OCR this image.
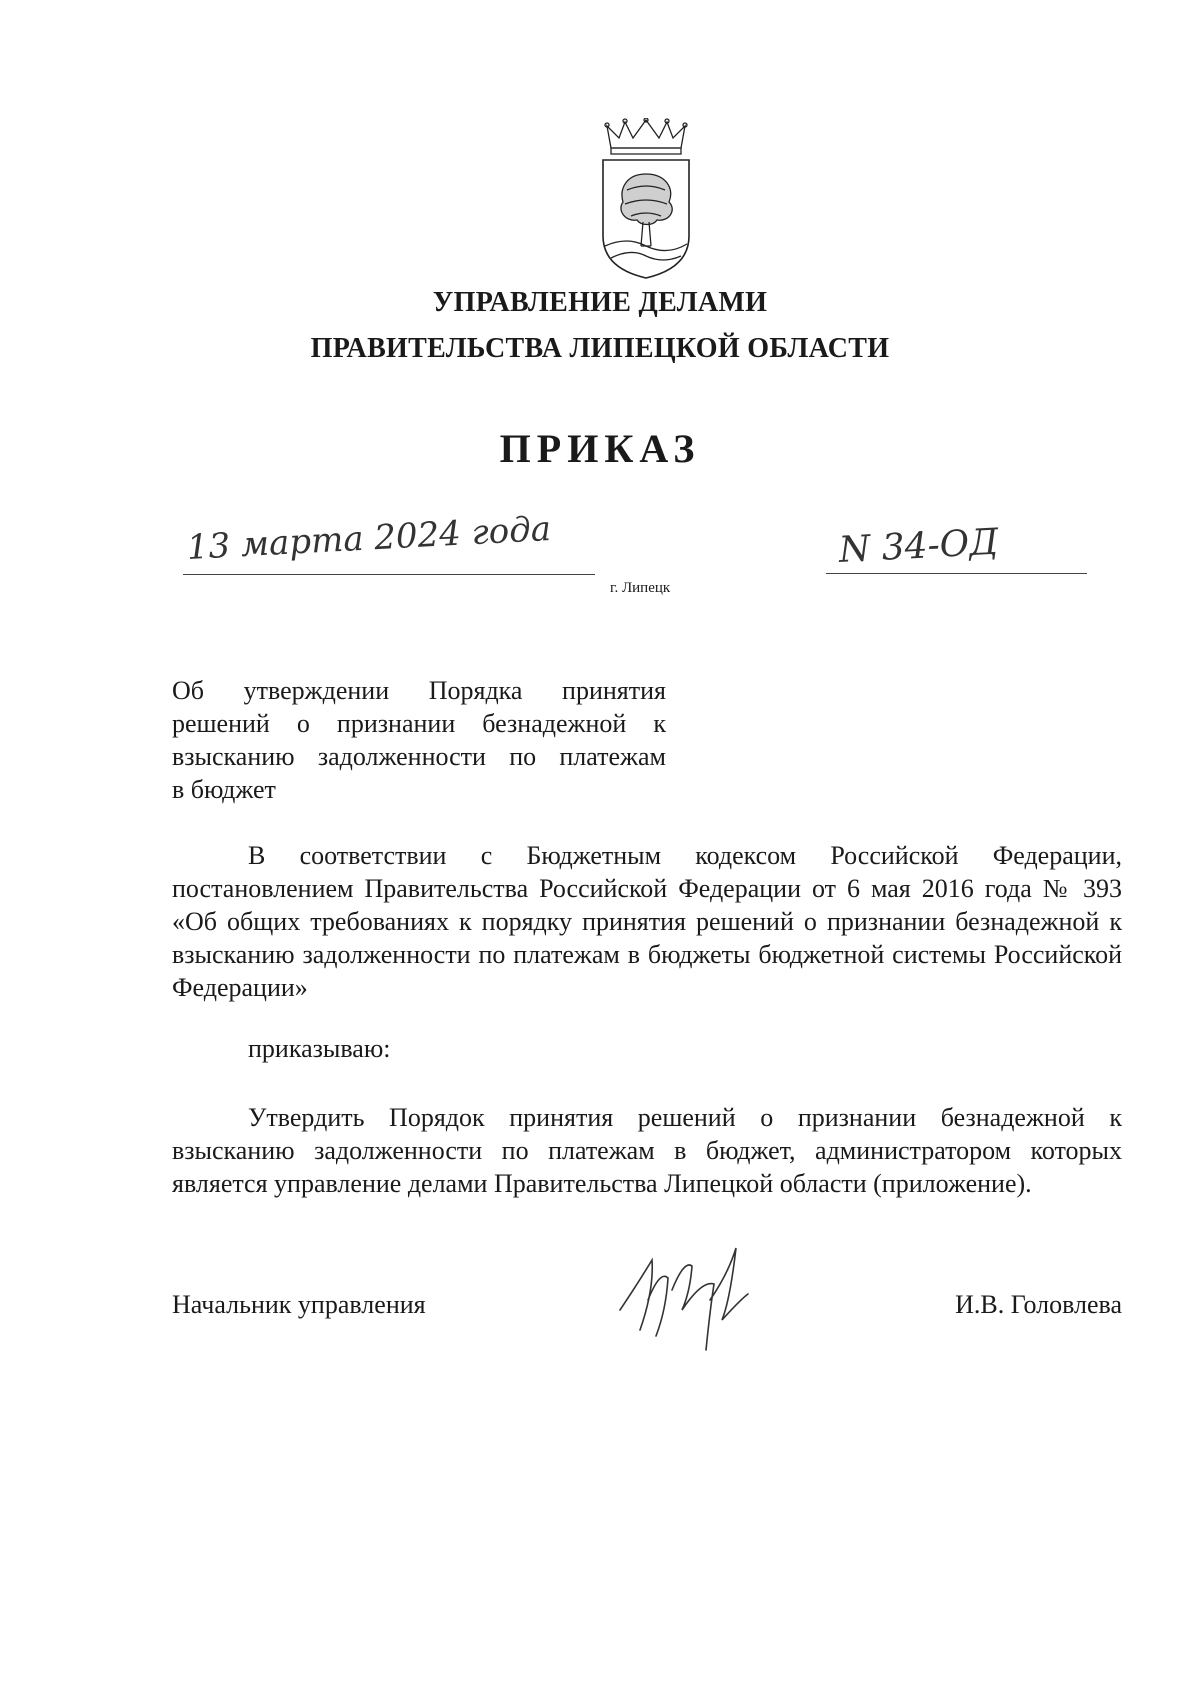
УПРАВЛЕНИЕ ДЕЛАМИ
ПРАВИТЕЛЬСТВА ЛИПЕЦКОЙ ОБЛАСТИ
ПРИКАЗ
13 марта 2024 года
г. Липецк
N 34-ОД
Об утверждении Порядка принятия
решений о признании безнадежной к
взысканию задолженности по платежам
в бюджет
В соответствии с Бюджетным кодексом Российской Федерации, постановлением Правительства Российской Федерации от 6 мая 2016 года № 393 «Об общих требованиях к порядку принятия решений о признании безнадежной к взысканию задолженности по платежам в бюджеты бюджетной системы Российской Федерации»
приказываю:
Утвердить Порядок принятия решений о признании безнадежной к взысканию задолженности по платежам в бюджет, администратором которых является управление делами Правительства Липецкой области (приложение).
Начальник управления	И.В. Головлева
